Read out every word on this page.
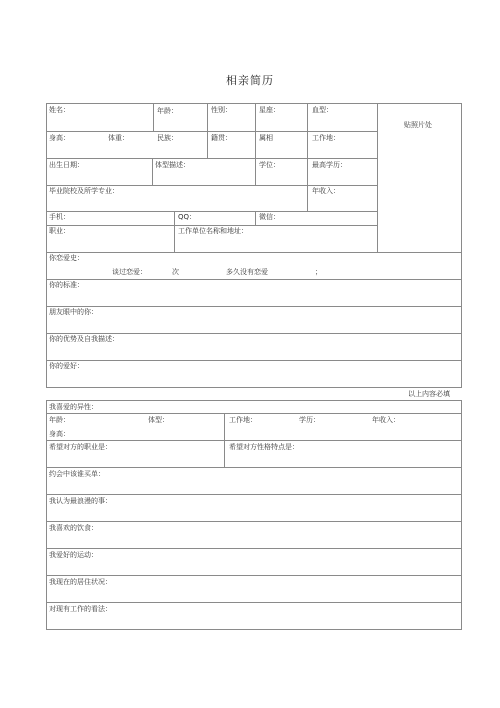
相亲简历
姓名：	年龄：	性别：	星座：	血型：
贴照片处
身高：	体重：	民族：	籍贯：	属相	工作地：
出生日期：	体型描述：	学位：	最高学历：
毕业院校及所学专业：	年收入：
手机：	QQ：	微信：
职业：	工作单位名称和地址：
你恋爱史：
谈过恋爱：	次	多久没有恋爱	；
你的标准：
朋友眼中的你：
你的优势及自我描述：
你的爱好：
以上内容必填
我喜爱的异性：
年龄：	体型：	工作地：	学历：	年收入：
身高：
希望对方的职业是：	希望对方性格特点是：
约会中该谁买单：
我认为最浪漫的事：
我喜欢的饮食：
我爱好的运动：
我现在的居住状况：
对现有工作的看法：
